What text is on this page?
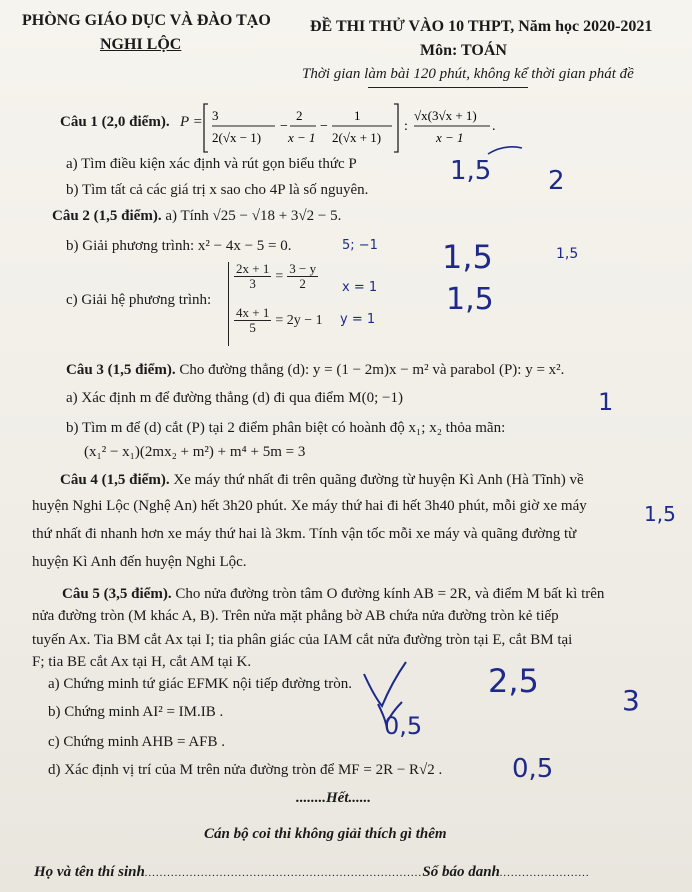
PHÒNG GIÁO DỤC VÀ ĐÀO TẠO
NGHI LỘC
ĐỀ THI THỬ VÀO 10 THPT, Năm học 2020-2021
Môn: TOÁN
Thời gian làm bài 120 phút, không kể thời gian phát đề
Câu 1 (2,0 điểm). P = 3
2(√x − 1)
−
2
x − 1
−
1
2(√x + 1)
:
√x(3√x + 1)
x − 1
.
a) Tìm điều kiện xác định và rút gọn biểu thức P
b) Tìm tất cả các giá trị x sao cho 4P là số nguyên.
Câu 2 (1,5 điểm). a) Tính √25 − √18 + 3√2 − 5.
b) Giải phương trình: x² − 4x − 5 = 0.
c) Giải hệ phương trình:
$\frac{2x + 1}{3} = \frac{3 - y}{2}$
$\frac{4x + 1}{5} = 2y - 1$
Câu 3 (1,5 điểm). Cho đường thẳng (d): y = (1 − 2m)x − m² và parabol (P): y = x².
a) Xác định m để đường thẳng (d) đi qua điểm M(0; −1)
b) Tìm m để (d) cắt (P) tại 2 điểm phân biệt có hoành độ x₁; x₂ thỏa mãn:
(x₁² − x₁)(2mx₂ + m²) + m⁴ + 5m = 3
Câu 4 (1,5 điểm). Xe máy thứ nhất đi trên quãng đường từ huyện Kì Anh (Hà Tĩnh) về
huyện Nghi Lộc (Nghệ An) hết 3h20 phút. Xe máy thứ hai đi hết 3h40 phút, mỗi giờ xe máy
thứ nhất đi nhanh hơn xe máy thứ hai là 3km. Tính vận tốc mỗi xe máy và quãng đường từ
huyện Kì Anh đến huyện Nghi Lộc.
Câu 5 (3,5 điểm). Cho nửa đường tròn tâm O đường kính AB = 2R, và điểm M bất kì trên
nửa đường tròn (M khác A, B). Trên nửa mặt phẳng bờ AB chứa nửa đường tròn kẻ tiếp
tuyến Ax. Tia BM cắt Ax tại I; tia phân giác của IAM cắt nửa đường tròn tại E, cắt BM tại
F; tia BE cắt Ax tại H, cắt AM tại K.
a) Chứng minh tứ giác EFMK nội tiếp đường tròn.
b) Chứng minh AI² = IM.IB .
c) Chứng minh AHB = AFB .
d) Xác định vị trí của M trên nửa đường tròn để MF = 2R − R√2 .
........Hết......
Cán bộ coi thi không giải thích gì thêm
Họ và tên thí sinh..........................................................................Số báo danh........................
1,5 2
5; −1 1,5	1,5
1,5
x = 1
y = 1
1
1,5
2,5
3
0,5
0,5
